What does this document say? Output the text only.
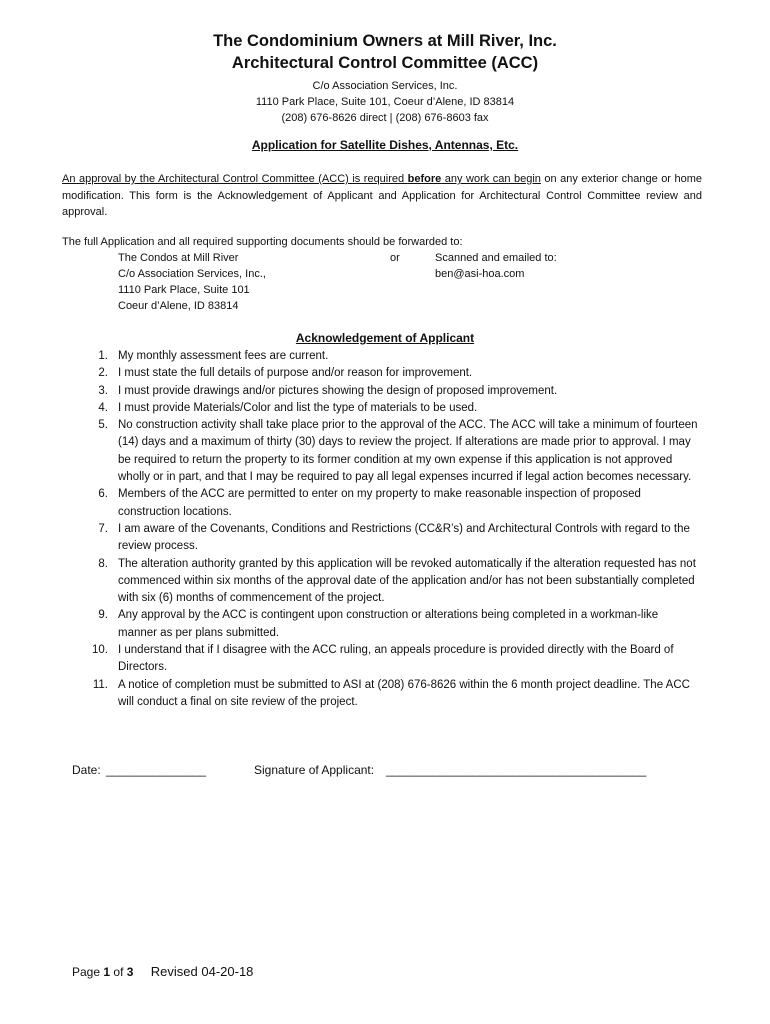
The Condominium Owners at Mill River, Inc.

Architectural Control Committee (ACC)

C/o Association Services, Inc.

1110 Park Place, Suite 101, Coeur d’Alene, ID 83814

(208) 676-8626 direct | (208) 676-8603 fax

Application for Satellite Dishes, Antennas, Etc.
An approval by the Architectural Control Committee (ACC) is required before any work can begin on any exterior change or home modification. This form is the Acknowledgement of Applicant and Application for Architectural Control Committee review and approval.
The full Application and all required supporting documents should be forwarded to:
The Condos at Mill River
C/o Association Services, Inc.,
1110 Park Place, Suite 101
Coeur d’Alene, ID 83814
or	Scanned and emailed to:
ben@asi-hoa.com
Acknowledgement of Applicant
1. My monthly assessment fees are current.
2. I must state the full details of purpose and/or reason for improvement.
3. I must provide drawings and/or pictures showing the design of proposed improvement.
4. I must provide Materials/Color and list the type of materials to be used.
5. No construction activity shall take place prior to the approval of the ACC. The ACC will take a minimum of fourteen (14) days and a maximum of thirty (30) days to review the project. If alterations are made prior to approval. I may be required to return the property to its former condition at my own expense if this application is not approved wholly or in part, and that I may be required to pay all legal expenses incurred if legal action becomes necessary.
6. Members of the ACC are permitted to enter on my property to make reasonable inspection of proposed construction locations.
7. I am aware of the Covenants, Conditions and Restrictions (CC&R’s) and Architectural Controls with regard to the review process.
8. The alteration authority granted by this application will be revoked automatically if the alteration requested has not commenced within six months of the approval date of the application and/or has not been substantially completed with six (6) months of commencement of the project.
9. Any approval by the ACC is contingent upon construction or alterations being completed in a workman-like manner as per plans submitted.
10. I understand that if I disagree with the ACC ruling, an appeals procedure is provided directly with the Board of Directors.
11. A notice of completion must be submitted to ASI at (208) 676-8626 within the 6 month project deadline. The ACC will conduct a final on site review of the project.
Date: _______________	Signature of Applicant: _______________________________________
Page 1 of 3 Revised 04-20-18
